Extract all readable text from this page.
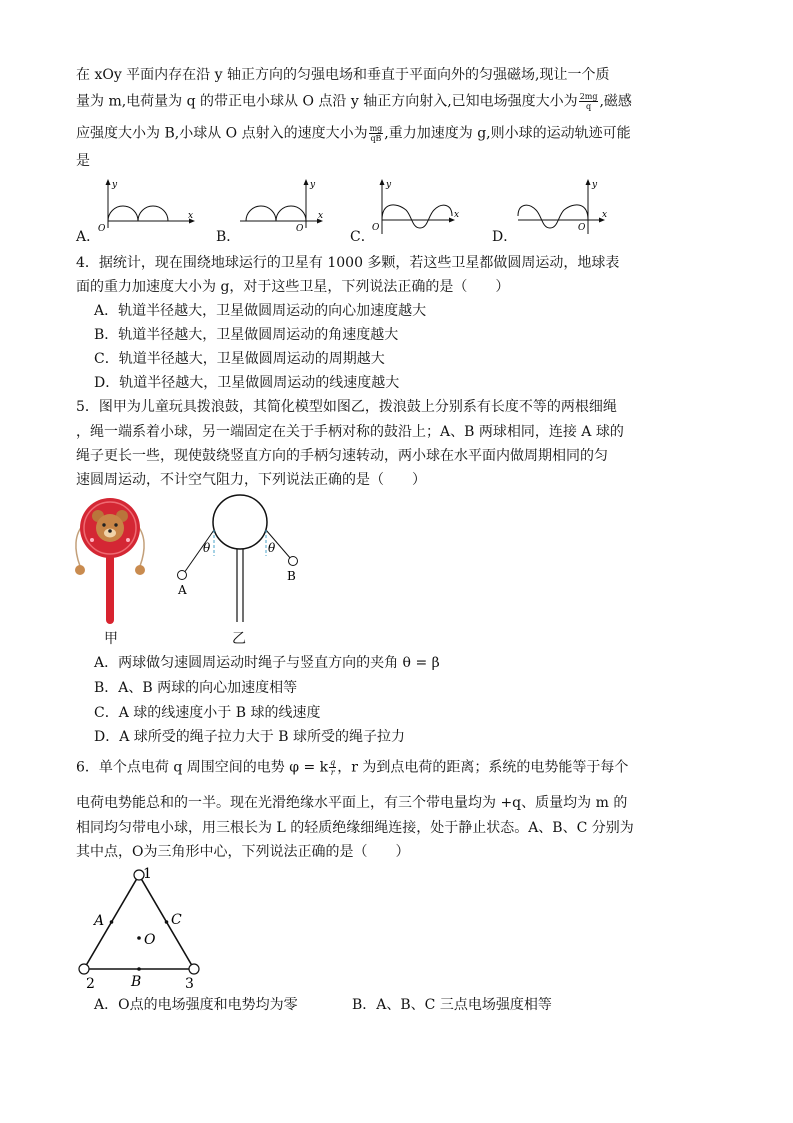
在 xOy 平面内存在沿 y 轴正方向的匀强电场和垂直于平面向外的匀强磁场,现让一个质
量为 m,电荷量为 q 的带正电小球从 O 点沿 y 轴正方向射入,已知电场强度大小为 $\frac{2mg}{q}$ ,磁感
应强度大小为 B,小球从 O 点射入的速度大小为 $\frac{mg}{qB}$ ,重力加速度为 g,则小球的运动轨迹可能
是
A．
O
y
x
B．	O
y
x
C．
O
y
x
D．
O
y
x
4．据统计，现在围绕地球运行的卫星有 1000 多颗，若这些卫星都做圆周运动，地球表
面的重力加速度大小为 g，对于这些卫星，下列说法正确的是（　　）
A．轨道半径越大，卫星做圆周运动的向心加速度越大
B．轨道半径越大，卫星做圆周运动的角速度越大
C．轨道半径越大，卫星做圆周运动的周期越大
D．轨道半径越大，卫星做圆周运动的线速度越大
5．图甲为儿童玩具拨浪鼓，其简化模型如图乙，拨浪鼓上分别系有长度不等的两根细绳
，绳一端系着小球，另一端固定在关于手柄对称的鼓沿上；A、B 两球相同，连接 A 球的
绳子更长一些，现使鼓绕竖直方向的手柄匀速转动，两小球在水平面内做周期相同的匀
速圆周运动，不计空气阻力，下列说法正确的是（　　）
甲
θ	θ
A
B
乙
A．两球做匀速圆周运动时绳子与竖直方向的夹角 θ = β
B．A、B 两球的向心加速度相等
C．A 球的线速度小于 B 球的线速度
D．A 球所受的绳子拉力大于 B 球所受的绳子拉力
6．单个点电荷 q 周围空间的电势 φ = k $\frac{q}{r}$ ，r 为到点电荷的距离；系统的电势能等于每个
电荷电势能总和的一半。现在光滑绝缘水平面上，有三个带电量均为 +q、质量均为 m 的
相同均匀带电小球，用三根长为 L 的轻质绝缘细绳连接，处于静止状态。A、B、C 分别为
其中点，O为三角形中心，下列说法正确的是（　　）
1
2	3
A	C
B
O
A．O点的电场强度和电势均为零	B．A、B、C 三点电场强度相等
